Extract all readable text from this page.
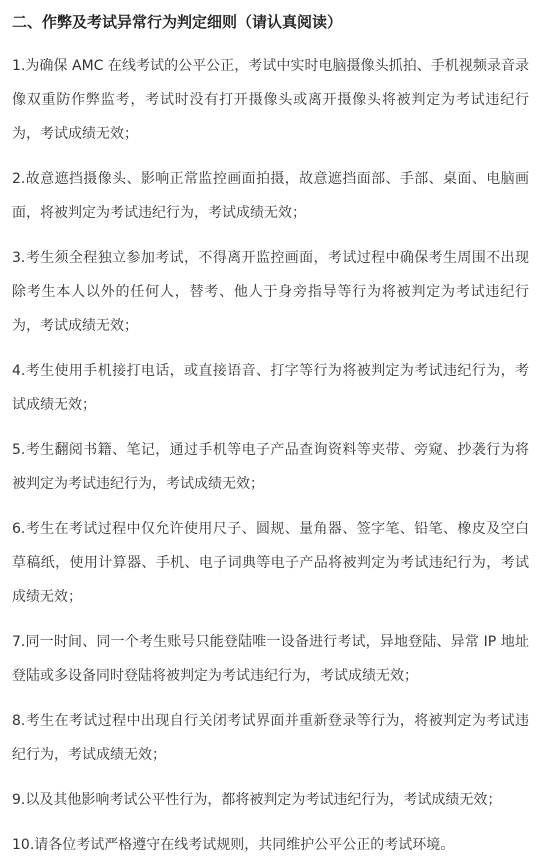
二、作弊及考试异常行为判定细则（请认真阅读）

1.为确保 AMC 在线考试的公平公正，考试中实时电脑摄像头抓拍、手机视频录音录像双重防作弊监考，考试时没有打开摄像头或离开摄像头将被判定为考试违纪行为，考试成绩无效；

2.故意遮挡摄像头、影响正常监控画面拍摄，故意遮挡面部、手部、桌面、电脑画面，将被判定为考试违纪行为，考试成绩无效；

3.考生须全程独立参加考试，不得离开监控画面，考试过程中确保考生周围不出现除考生本人以外的任何人，替考、他人于身旁指导等行为将被判定为考试违纪行为，考试成绩无效；

4.考生使用手机接打电话，或直接语音、打字等行为将被判定为考试违纪行为，考试成绩无效；

5.考生翻阅书籍、笔记，通过手机等电子产品查询资料等夹带、旁窥、抄袭行为将被判定为考试违纪行为，考试成绩无效；

6.考生在考试过程中仅允许使用尺子、圆规、量角器、签字笔、铅笔、橡皮及空白草稿纸，使用计算器、手机、电子词典等电子产品将被判定为考试违纪行为，考试成绩无效；

7.同一时间、同一个考生账号只能登陆唯一设备进行考试，异地登陆、异常 IP 地址登陆或多设备同时登陆将被判定为考试违纪行为，考试成绩无效；

8.考生在考试过程中出现自行关闭考试界面并重新登录等行为，将被判定为考试违纪行为，考试成绩无效；

9.以及其他影响考试公平性行为，都将被判定为考试违纪行为，考试成绩无效；

10.请各位考试严格遵守在线考试规则，共同维护公平公正的考试环境。
